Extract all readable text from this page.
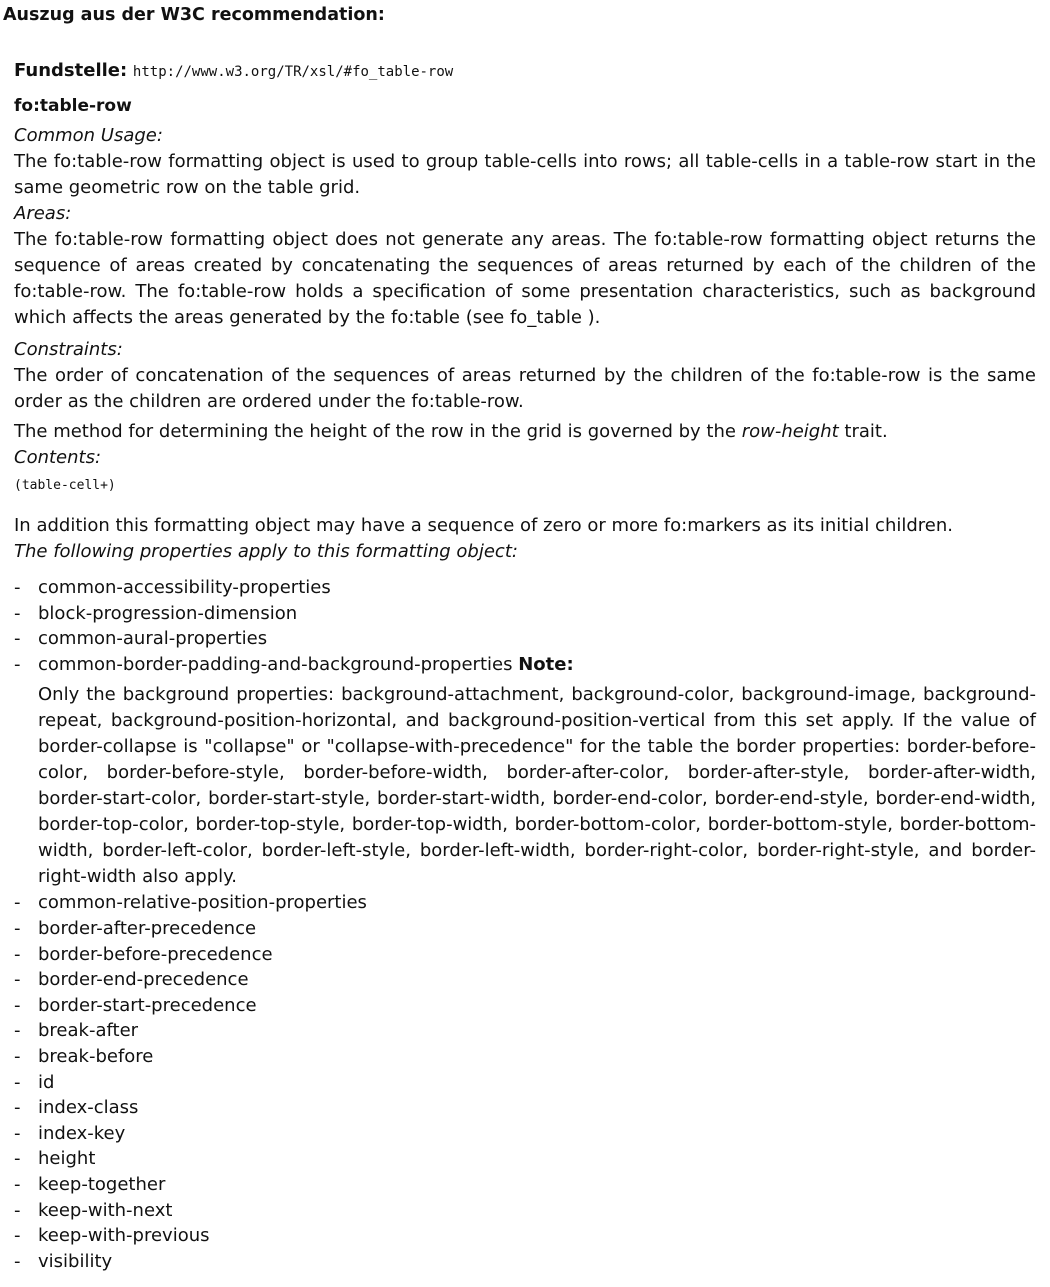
Auszug aus der W3C recommendation:
Fundstelle: http://www.w3.org/TR/xsl/#fo_table-row
fo:table-row
Common Usage:
The fo:table-row formatting object is used to group table-cells into rows; all table-cells in a table-row start in the same geometric row on the table grid.
Areas:
The fo:table-row formatting object does not generate any areas. The fo:table-row formatting object returns the sequence of areas created by concatenating the sequences of areas returned by each of the children of the fo:table-row. The fo:table-row holds a specification of some presentation characteristics, such as background which affects the areas generated by the fo:table (see fo_table ).
Constraints:
The order of concatenation of the sequences of areas returned by the children of the fo:table-row is the same order as the children are ordered under the fo:table-row.
The method for determining the height of the row in the grid is governed by the row-height trait.
Contents:
(table-cell+)
In addition this formatting object may have a sequence of zero or more fo:markers as its initial children.
The following properties apply to this formatting object:
- common-accessibility-properties
- block-progression-dimension
- common-aural-properties
- common-border-padding-and-background-properties Note:
Only the background properties: background-attachment, background-color, background-image, background-repeat, background-position-horizontal, and background-position-vertical from this set apply. If the value of border-collapse is "collapse" or "collapse-with-precedence" for the table the border properties: border-before-color, border-before-style, border-before-width, border-after-color, border-after-style, border-after-width, border-start-color, border-start-style, border-start-width, border-end-color, border-end-style, border-end-width, border-top-color, border-top-style, border-top-width, border-bottom-color, border-bottom-style, border-bottom-width, border-left-color, border-left-style, border-left-width, border-right-color, border-right-style, and border-right-width also apply.
- common-relative-position-properties
- border-after-precedence
- border-before-precedence
- border-end-precedence
- border-start-precedence
- break-after
- break-before
- id
- index-class
- index-key
- height
- keep-together
- keep-with-next
- keep-with-previous
- visibility
